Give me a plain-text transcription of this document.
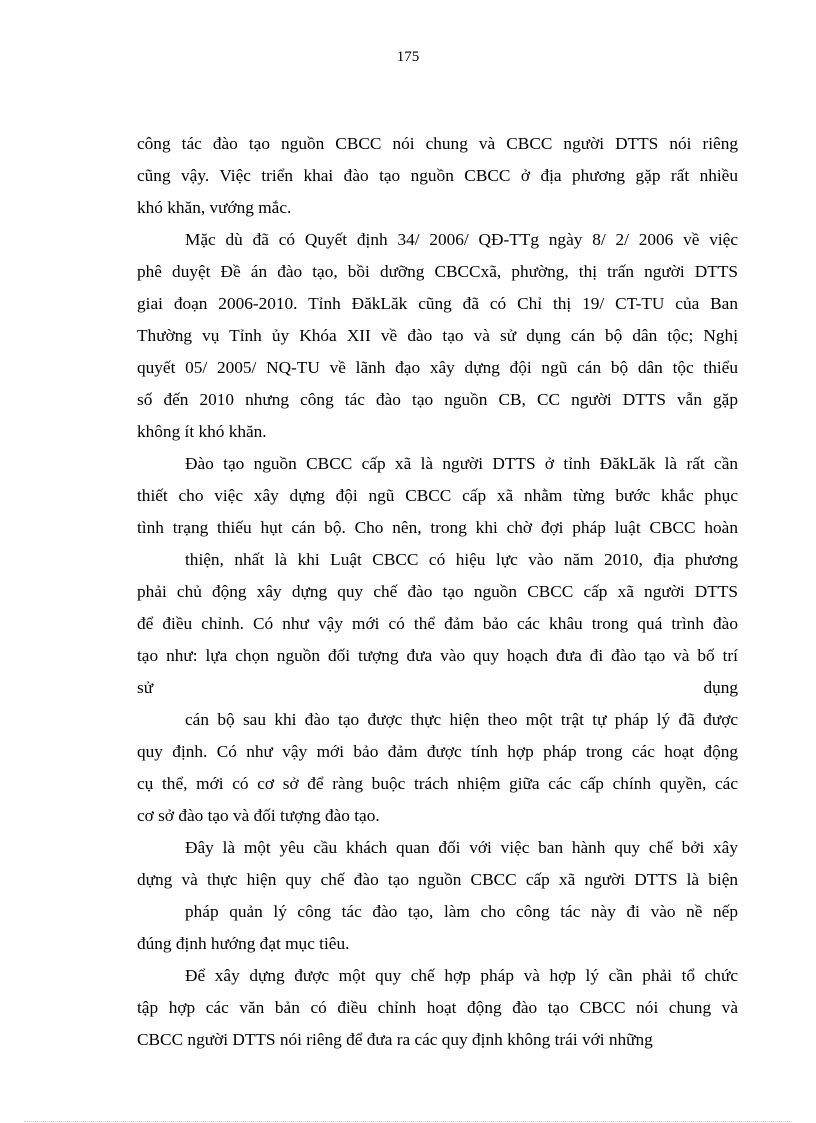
175
công tác đào tạo nguồn CBCC nói chung và CBCC người DTTS nói riêng
cũng vậy. Việc triển khai đào tạo nguồn CBCC ở địa phương gặp rất nhiều
khó khăn, vướng mắc.
Mặc dù đã có Quyết định 34/ 2006/ QĐ-TTg ngày 8/ 2/ 2006 về việc
phê duyệt Đề án đào tạo, bồi dưỡng CBCCxã, phường, thị trấn người DTTS
giai đoạn 2006-2010. Tỉnh ĐăkLăk cũng đã có Chỉ thị 19/ CT-TU của Ban
Thường vụ Tỉnh ủy Khóa XII về đào tạo và sử dụng cán bộ dân tộc; Nghị
quyết 05/ 2005/ NQ-TU về lãnh đạo xây dựng đội ngũ cán bộ dân tộc thiểu
số đến 2010 nhưng công tác đào tạo nguồn CB, CC người DTTS vẫn gặp
không ít khó khăn.
Đào tạo nguồn CBCC cấp xã là người DTTS ở tỉnh ĐăkLăk là rất cần
thiết cho việc xây dựng đội ngũ CBCC cấp xã nhằm từng bước khắc phục
tình trạng thiếu hụt cán bộ. Cho nên, trong khi chờ đợi pháp luật CBCC hoàn
thiện, nhất là khi Luật CBCC có hiệu lực vào năm 2010, địa phương
phải chủ động xây dựng quy chế đào tạo nguồn CBCC cấp xã người DTTS
để điều chỉnh. Có như vậy mới có thể đảm bảo các khâu trong quá trình đào
tạo như: lựa chọn nguồn đối tượng đưa vào quy hoạch đưa đi đào tạo và bố trí
sử	dụng
cán bộ sau khi đào tạo được thực hiện theo một trật tự pháp lý đã được
quy định. Có như vậy mới bảo đảm được tính hợp pháp trong các hoạt động
cụ thể, mới có cơ sở để ràng buộc trách nhiệm giữa các cấp chính quyền, các
cơ sở đào tạo và đối tượng đào tạo.
Đây là một yêu cầu khách quan đối với việc ban hành quy chế bởi xây
dựng và thực hiện quy chế đào tạo nguồn CBCC cấp xã người DTTS là biện
pháp quản lý công tác đào tạo, làm cho công tác này đi vào nề nếp
đúng định hướng đạt mục tiêu.
Để xây dựng được một quy chế hợp pháp và hợp lý cần phải tổ chức
tập hợp các văn bản có điều chỉnh hoạt động đào tạo CBCC nói chung và
CBCC người DTTS nói riêng để đưa ra các quy định không trái với những
